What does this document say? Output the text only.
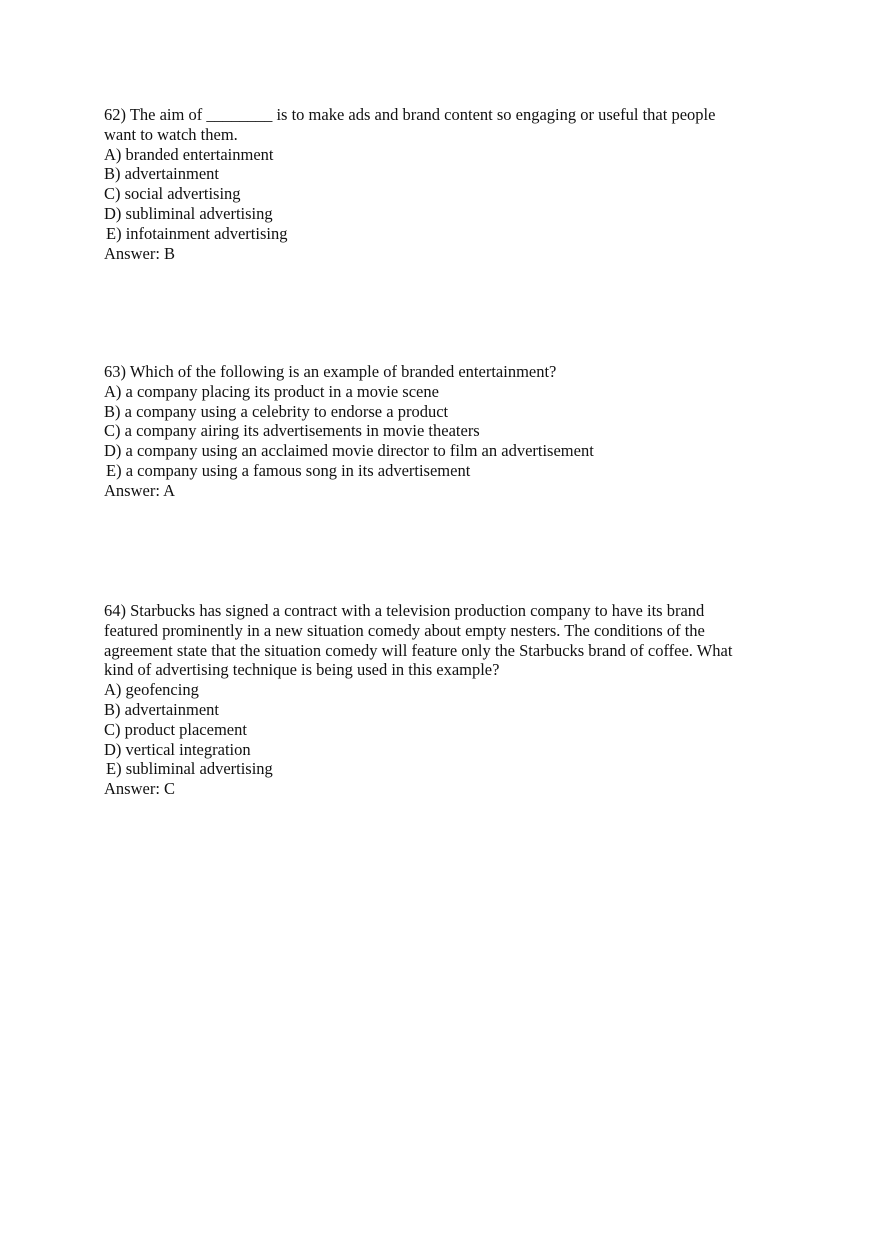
62) The aim of ________ is to make ads and brand content so engaging or useful that people
want to watch them.
A) branded entertainment
B) advertainment
C) social advertising
D) subliminal advertising
E) infotainment advertising
Answer: B
63) Which of the following is an example of branded entertainment?
A) a company placing its product in a movie scene
B) a company using a celebrity to endorse a product
C) a company airing its advertisements in movie theaters
D) a company using an acclaimed movie director to film an advertisement
E) a company using a famous song in its advertisement
Answer: A
64) Starbucks has signed a contract with a television production company to have its brand
featured prominently in a new situation comedy about empty nesters. The conditions of the
agreement state that the situation comedy will feature only the Starbucks brand of coffee. What
kind of advertising technique is being used in this example?
A) geofencing
B) advertainment
C) product placement
D) vertical integration
E) subliminal advertising
Answer: C
